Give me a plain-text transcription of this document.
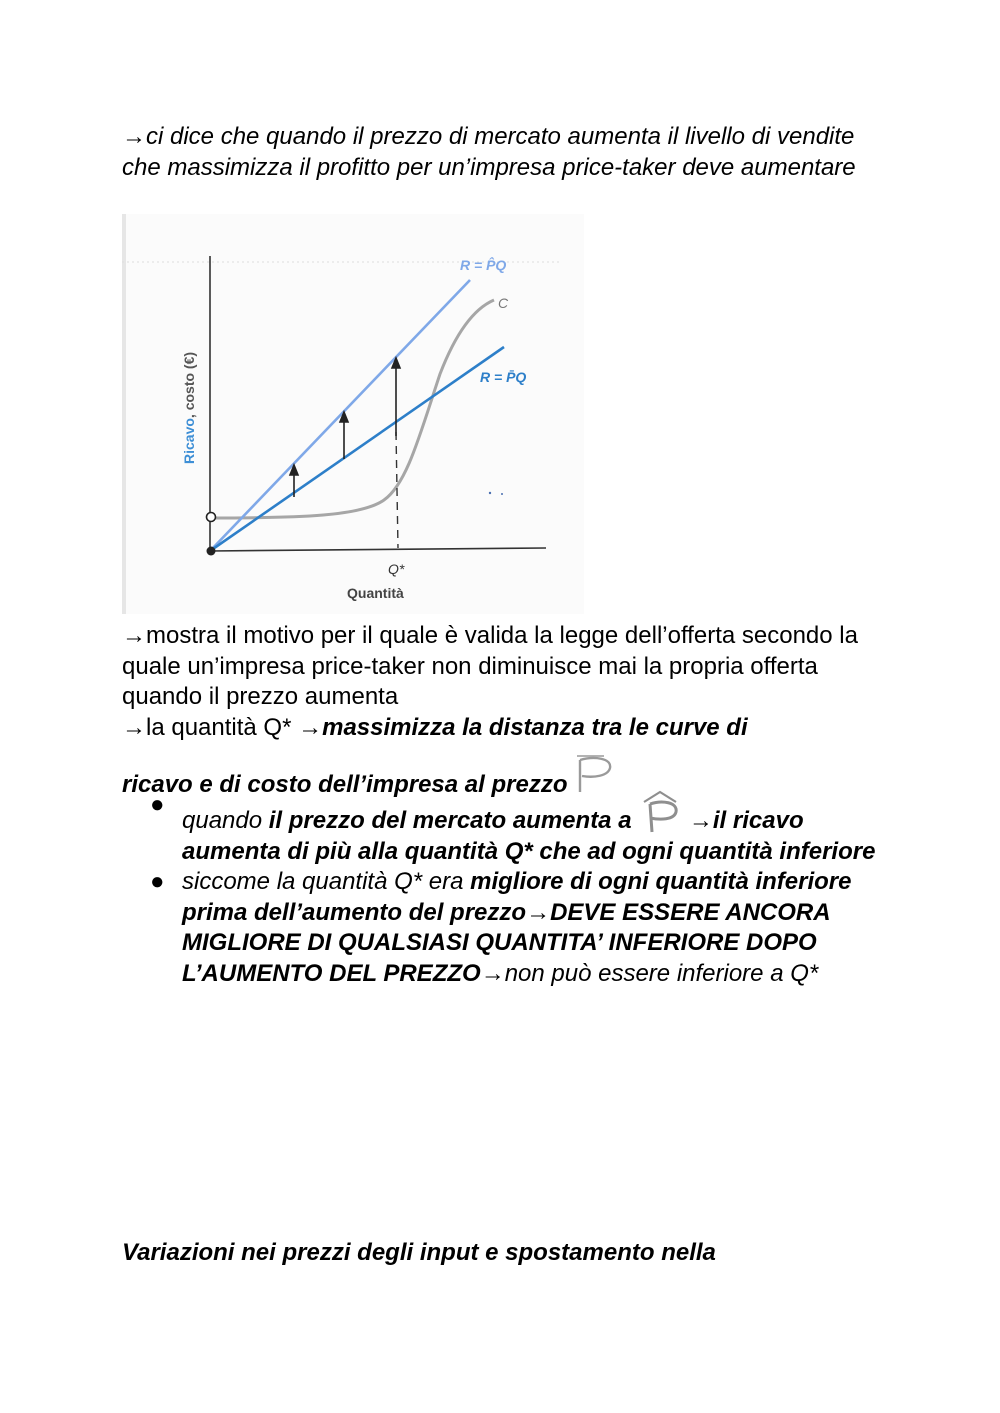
→ci dice che quando il prezzo di mercato aumenta il livello di vendite che massimizza il profitto per un’impresa price-taker deve aumentare
R = P̂Q
C
R = P̄Q
Q*
Quantità
Ricavo, costo (€)
→mostra il motivo per il quale è valida la legge dell’offerta secondo la quale un’impresa price-taker non diminuisce mai la propria offerta quando il prezzo aumenta
→la quantità Q* →massimizza la distanza tra le curve di
ricavo e di costo dell’impresa al prezzo
●
quando il prezzo del mercato aumenta a  →il ricavo aumenta di più alla quantità Q* che ad ogni quantità inferiore
● siccome la quantità Q* era migliore di ogni quantità inferiore prima dell’aumento del prezzo→DEVE ESSERE ANCORA MIGLIORE DI QUALSIASI QUANTITA’ INFERIORE DOPO L’AUMENTO DEL PREZZO→non può essere inferiore a Q*
Variazioni nei prezzi degli input e spostamento nella
